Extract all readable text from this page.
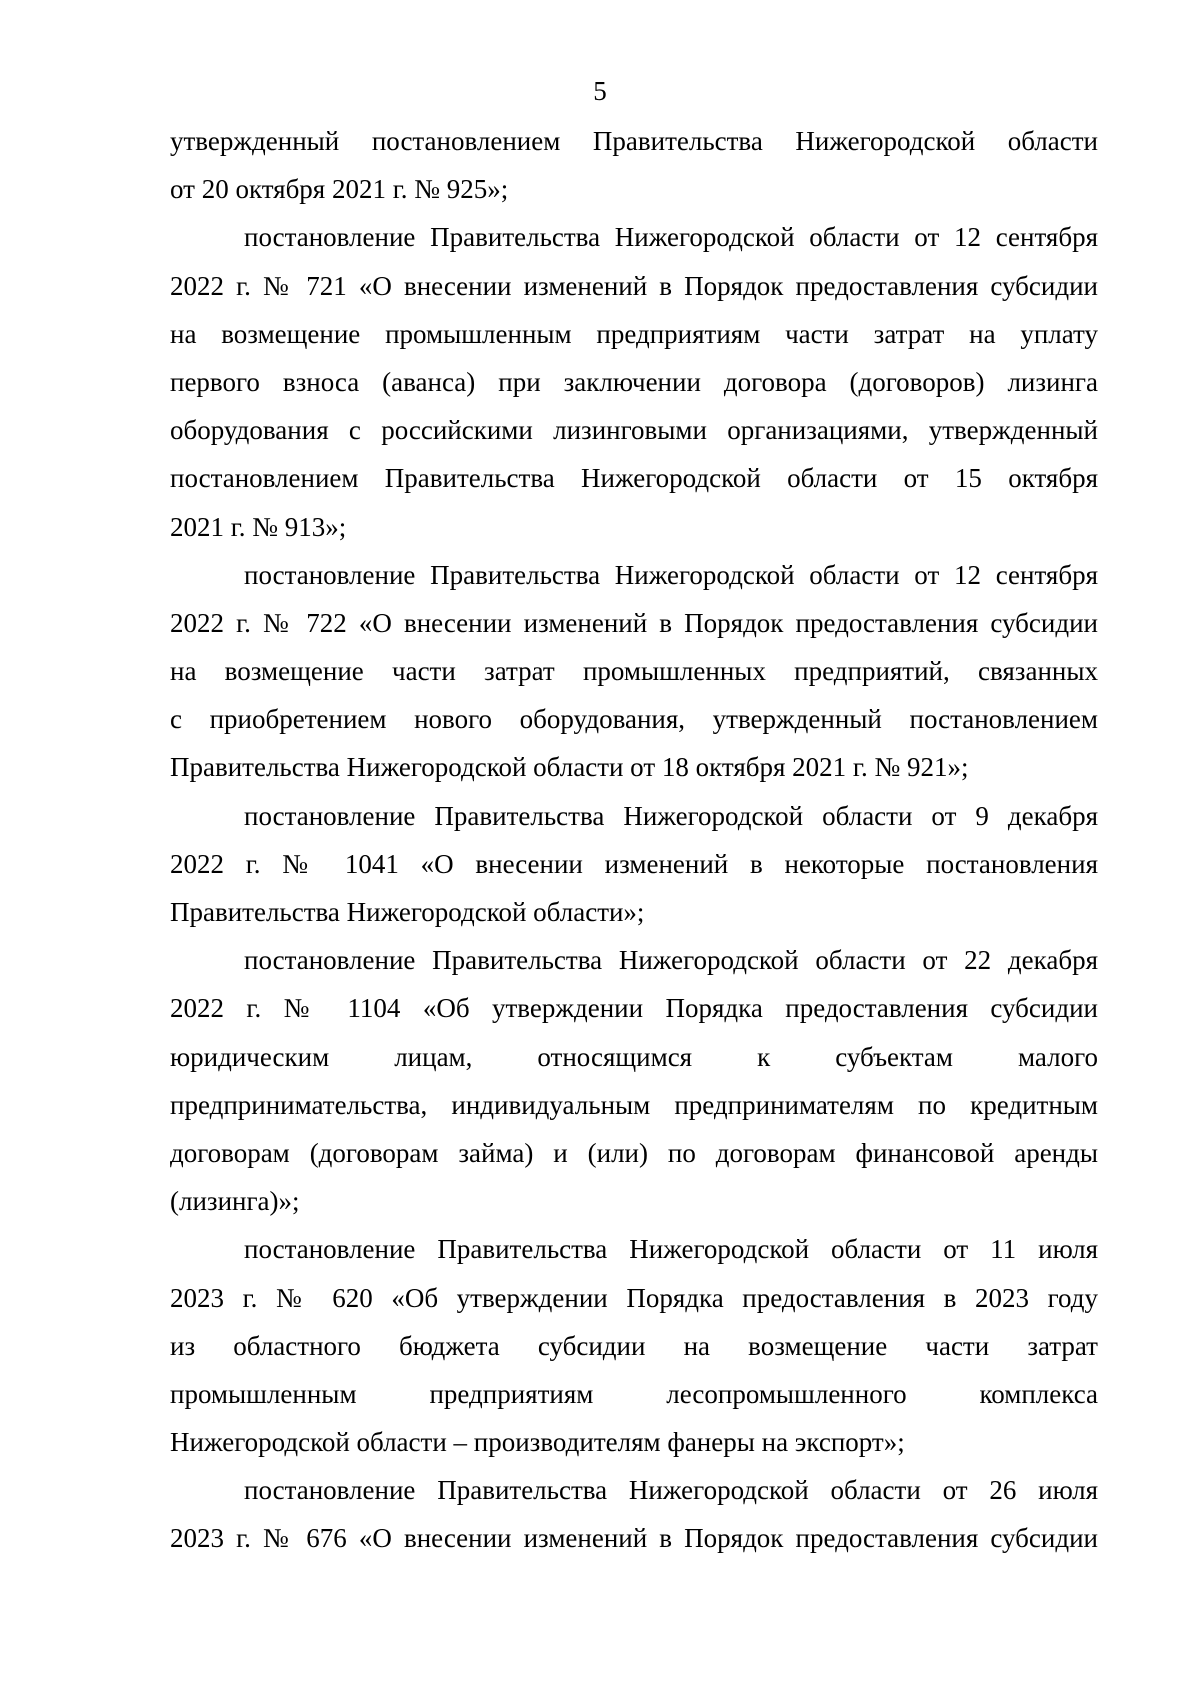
5
утвержденный постановлением Правительства Нижегородской области
от 20 октября 2021 г. № 925»;
постановление Правительства Нижегородской области от 12 сентября
2022 г. № 721 «О внесении изменений в Порядок предоставления субсидии
на возмещение промышленным предприятиям части затрат на уплату
первого взноса (аванса) при заключении договора (договоров) лизинга
оборудования с российскими лизинговыми организациями, утвержденный
постановлением Правительства Нижегородской области от 15 октября
2021 г. № 913»;
постановление Правительства Нижегородской области от 12 сентября
2022 г. № 722 «О внесении изменений в Порядок предоставления субсидии
на возмещение части затрат промышленных предприятий, связанных
с приобретением нового оборудования, утвержденный постановлением
Правительства Нижегородской области от 18 октября 2021 г. № 921»;
постановление Правительства Нижегородской области от 9 декабря
2022 г. № 1041 «О внесении изменений в некоторые постановления
Правительства Нижегородской области»;
постановление Правительства Нижегородской области от 22 декабря
2022 г. № 1104 «Об утверждении Порядка предоставления субсидии
юридическим лицам, относящимся к субъектам малого
предпринимательства, индивидуальным предпринимателям по кредитным
договорам (договорам займа) и (или) по договорам финансовой аренды
(лизинга)»;
постановление Правительства Нижегородской области от 11 июля
2023 г. № 620 «Об утверждении Порядка предоставления в 2023 году
из областного бюджета субсидии на возмещение части затрат
промышленным предприятиям лесопромышленного комплекса
Нижегородской области – производителям фанеры на экспорт»;
постановление Правительства Нижегородской области от 26 июля
2023 г. № 676 «О внесении изменений в Порядок предоставления субсидии
